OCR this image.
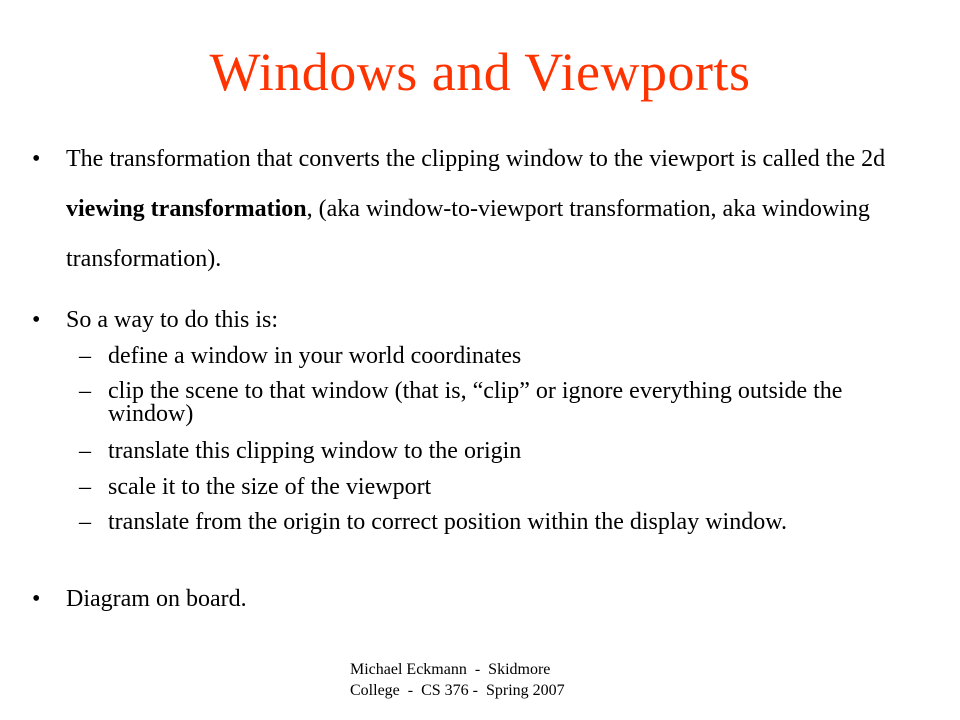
Windows and Viewports
• The transformation that converts the clipping window to the viewport is called the 2d viewing transformation, (aka window-to-viewport transformation, aka windowing transformation).
• So a way to do this is:
– define a window in your world coordinates
– clip the scene to that window (that is, “clip” or ignore everything outside the window)
– translate this clipping window to the origin
– scale it to the size of the viewport
– translate from the origin to correct position within the display window.
• Diagram on board.
Michael Eckmann  -  Skidmore
College  -  CS 376 -  Spring 2007
